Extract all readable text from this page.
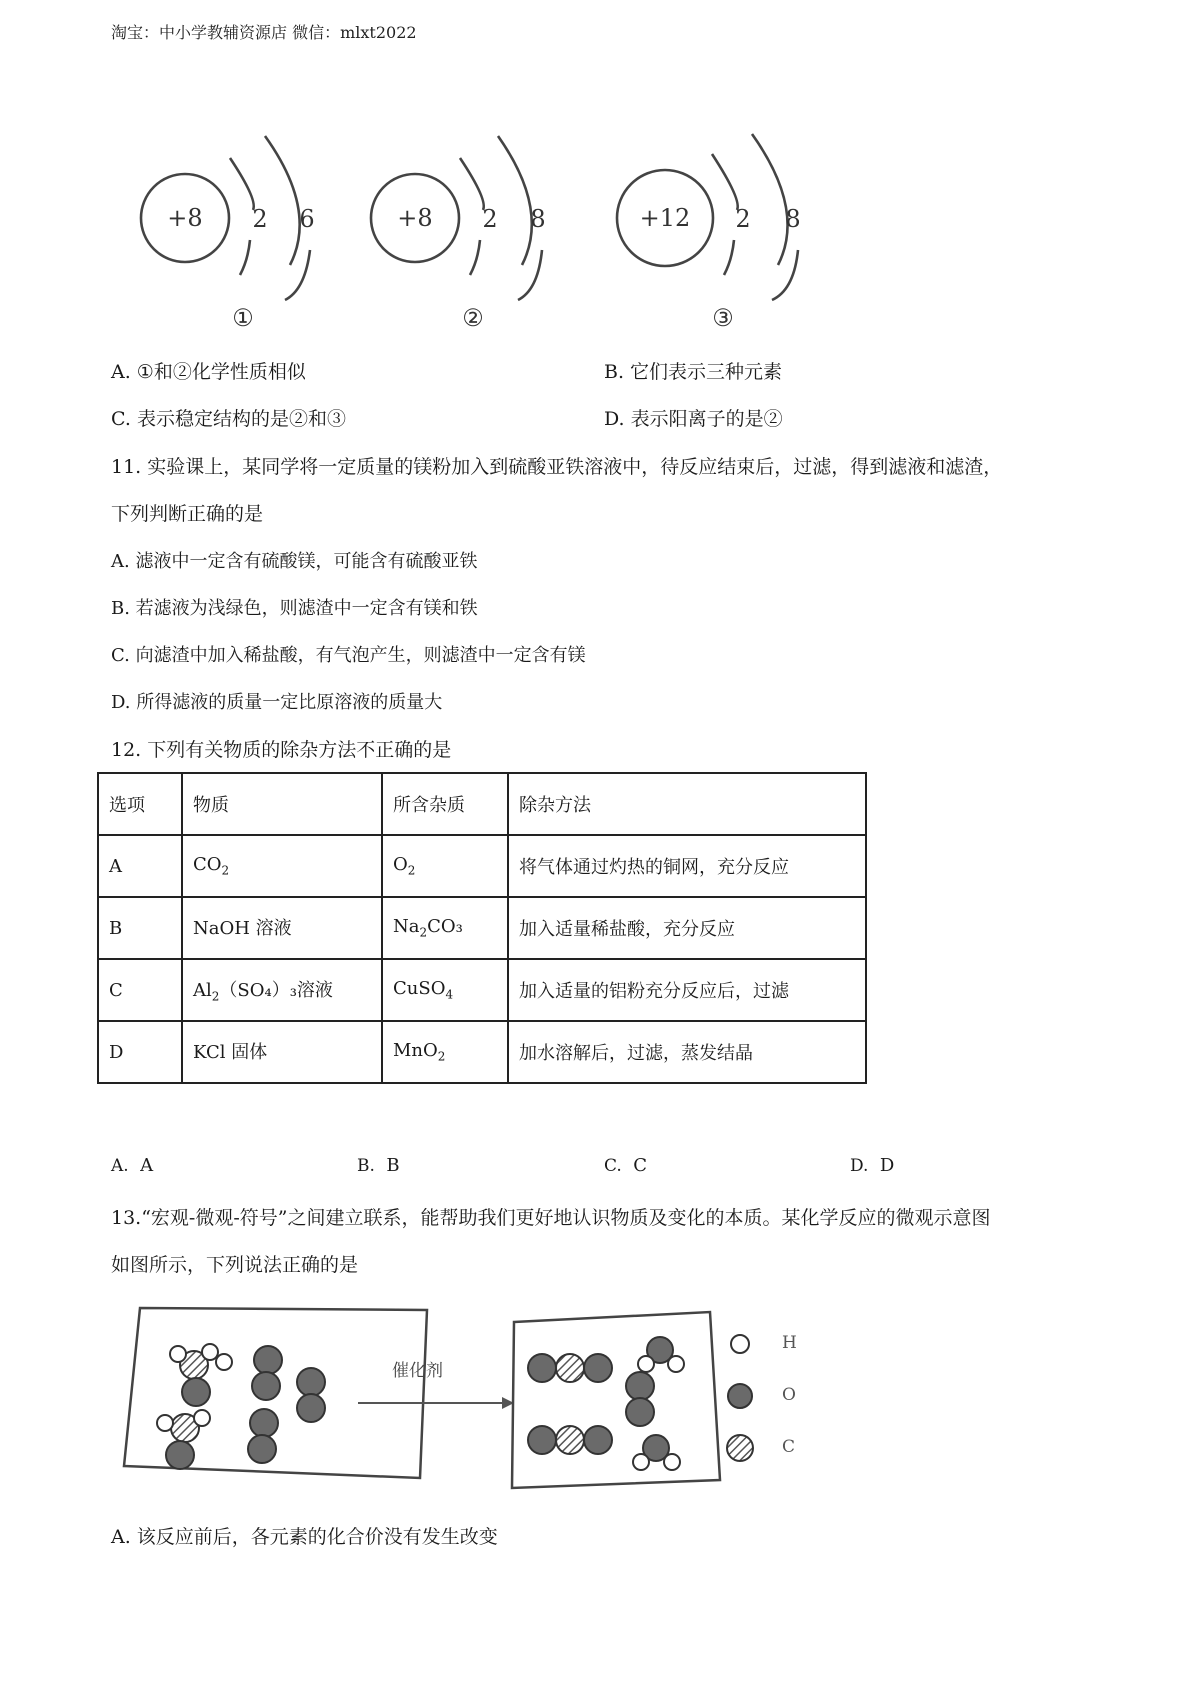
淘宝：中小学教辅资源店 微信：mlxt2022
+8 2 6
①
+8 2 8
②
+12 2 8
③
A. ①和②化学性质相似	B. 它们表示三种元素
C. 表示稳定结构的是②和③	D. 表示阳离子的是②
11. 实验课上，某同学将一定质量的镁粉加入到硫酸亚铁溶液中，待反应结束后，过滤，得到滤液和滤渣，
下列判断正确的是
A. 滤液中一定含有硫酸镁，可能含有硫酸亚铁
B. 若滤液为浅绿色，则滤渣中一定含有镁和铁
C. 向滤渣中加入稀盐酸，有气泡产生，则滤渣中一定含有镁
D. 所得滤液的质量一定比原溶液的质量大
12. 下列有关物质的除杂方法不正确的是
选项	物质	所含杂质	除杂方法
A	$CO_2$	$O_2$	将气体通过灼热的铜网，充分反应
B	NaOH 溶液	$Na_2CO_3$	加入适量稀盐酸，充分反应
C	$Al_2(SO_4)_3$溶液	CuSO$_4$	加入适量的铝粉充分反应后，过滤
D	KCl 固体	MnO$_2$	加水溶解后，过滤，蒸发结晶
A. A	B. B	C. C	D. D
13.“宏观-微观-符号”之间建立联系，能帮助我们更好地认识物质及变化的本质。某化学反应的微观示意图
如图所示，下列说法正确的是
催化剂
H
O
C
A. 该反应前后，各元素的化合价没有发生改变
